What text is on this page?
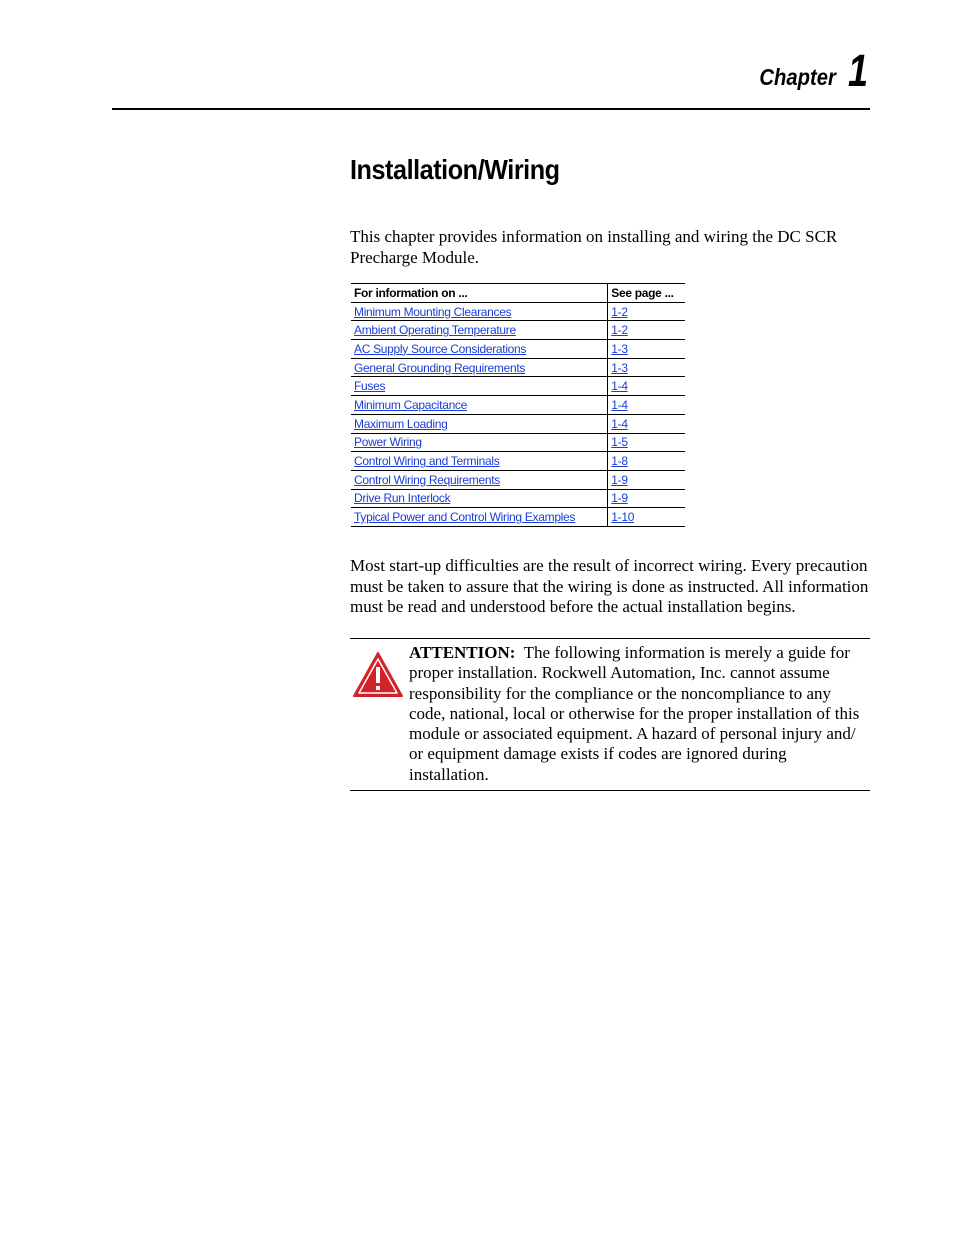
Chapter 1
Installation/Wiring

This chapter provides information on installing and wiring the DC SCR Precharge Module.

For information on ...	See page ...
Minimum Mounting Clearances	1-2
Ambient Operating Temperature	1-2
AC Supply Source Considerations	1-3
General Grounding Requirements	1-3
Fuses	1-4
Minimum Capacitance	1-4
Maximum Loading	1-4
Power Wiring	1-5
Control Wiring and Terminals	1-8
Control Wiring Requirements	1-9
Drive Run Interlock	1-9
Typical Power and Control Wiring Examples	1-10

Most start-up difficulties are the result of incorrect wiring. Every precaution must be taken to assure that the wiring is done as instructed. All information must be read and understood before the actual installation begins.

ATTENTION: The following information is merely a guide for proper installation. Rockwell Automation, Inc. cannot assume responsibility for the compliance or the noncompliance to any code, national, local or otherwise for the proper installation of this module or associated equipment. A hazard of personal injury and/ or equipment damage exists if codes are ignored during installation.
